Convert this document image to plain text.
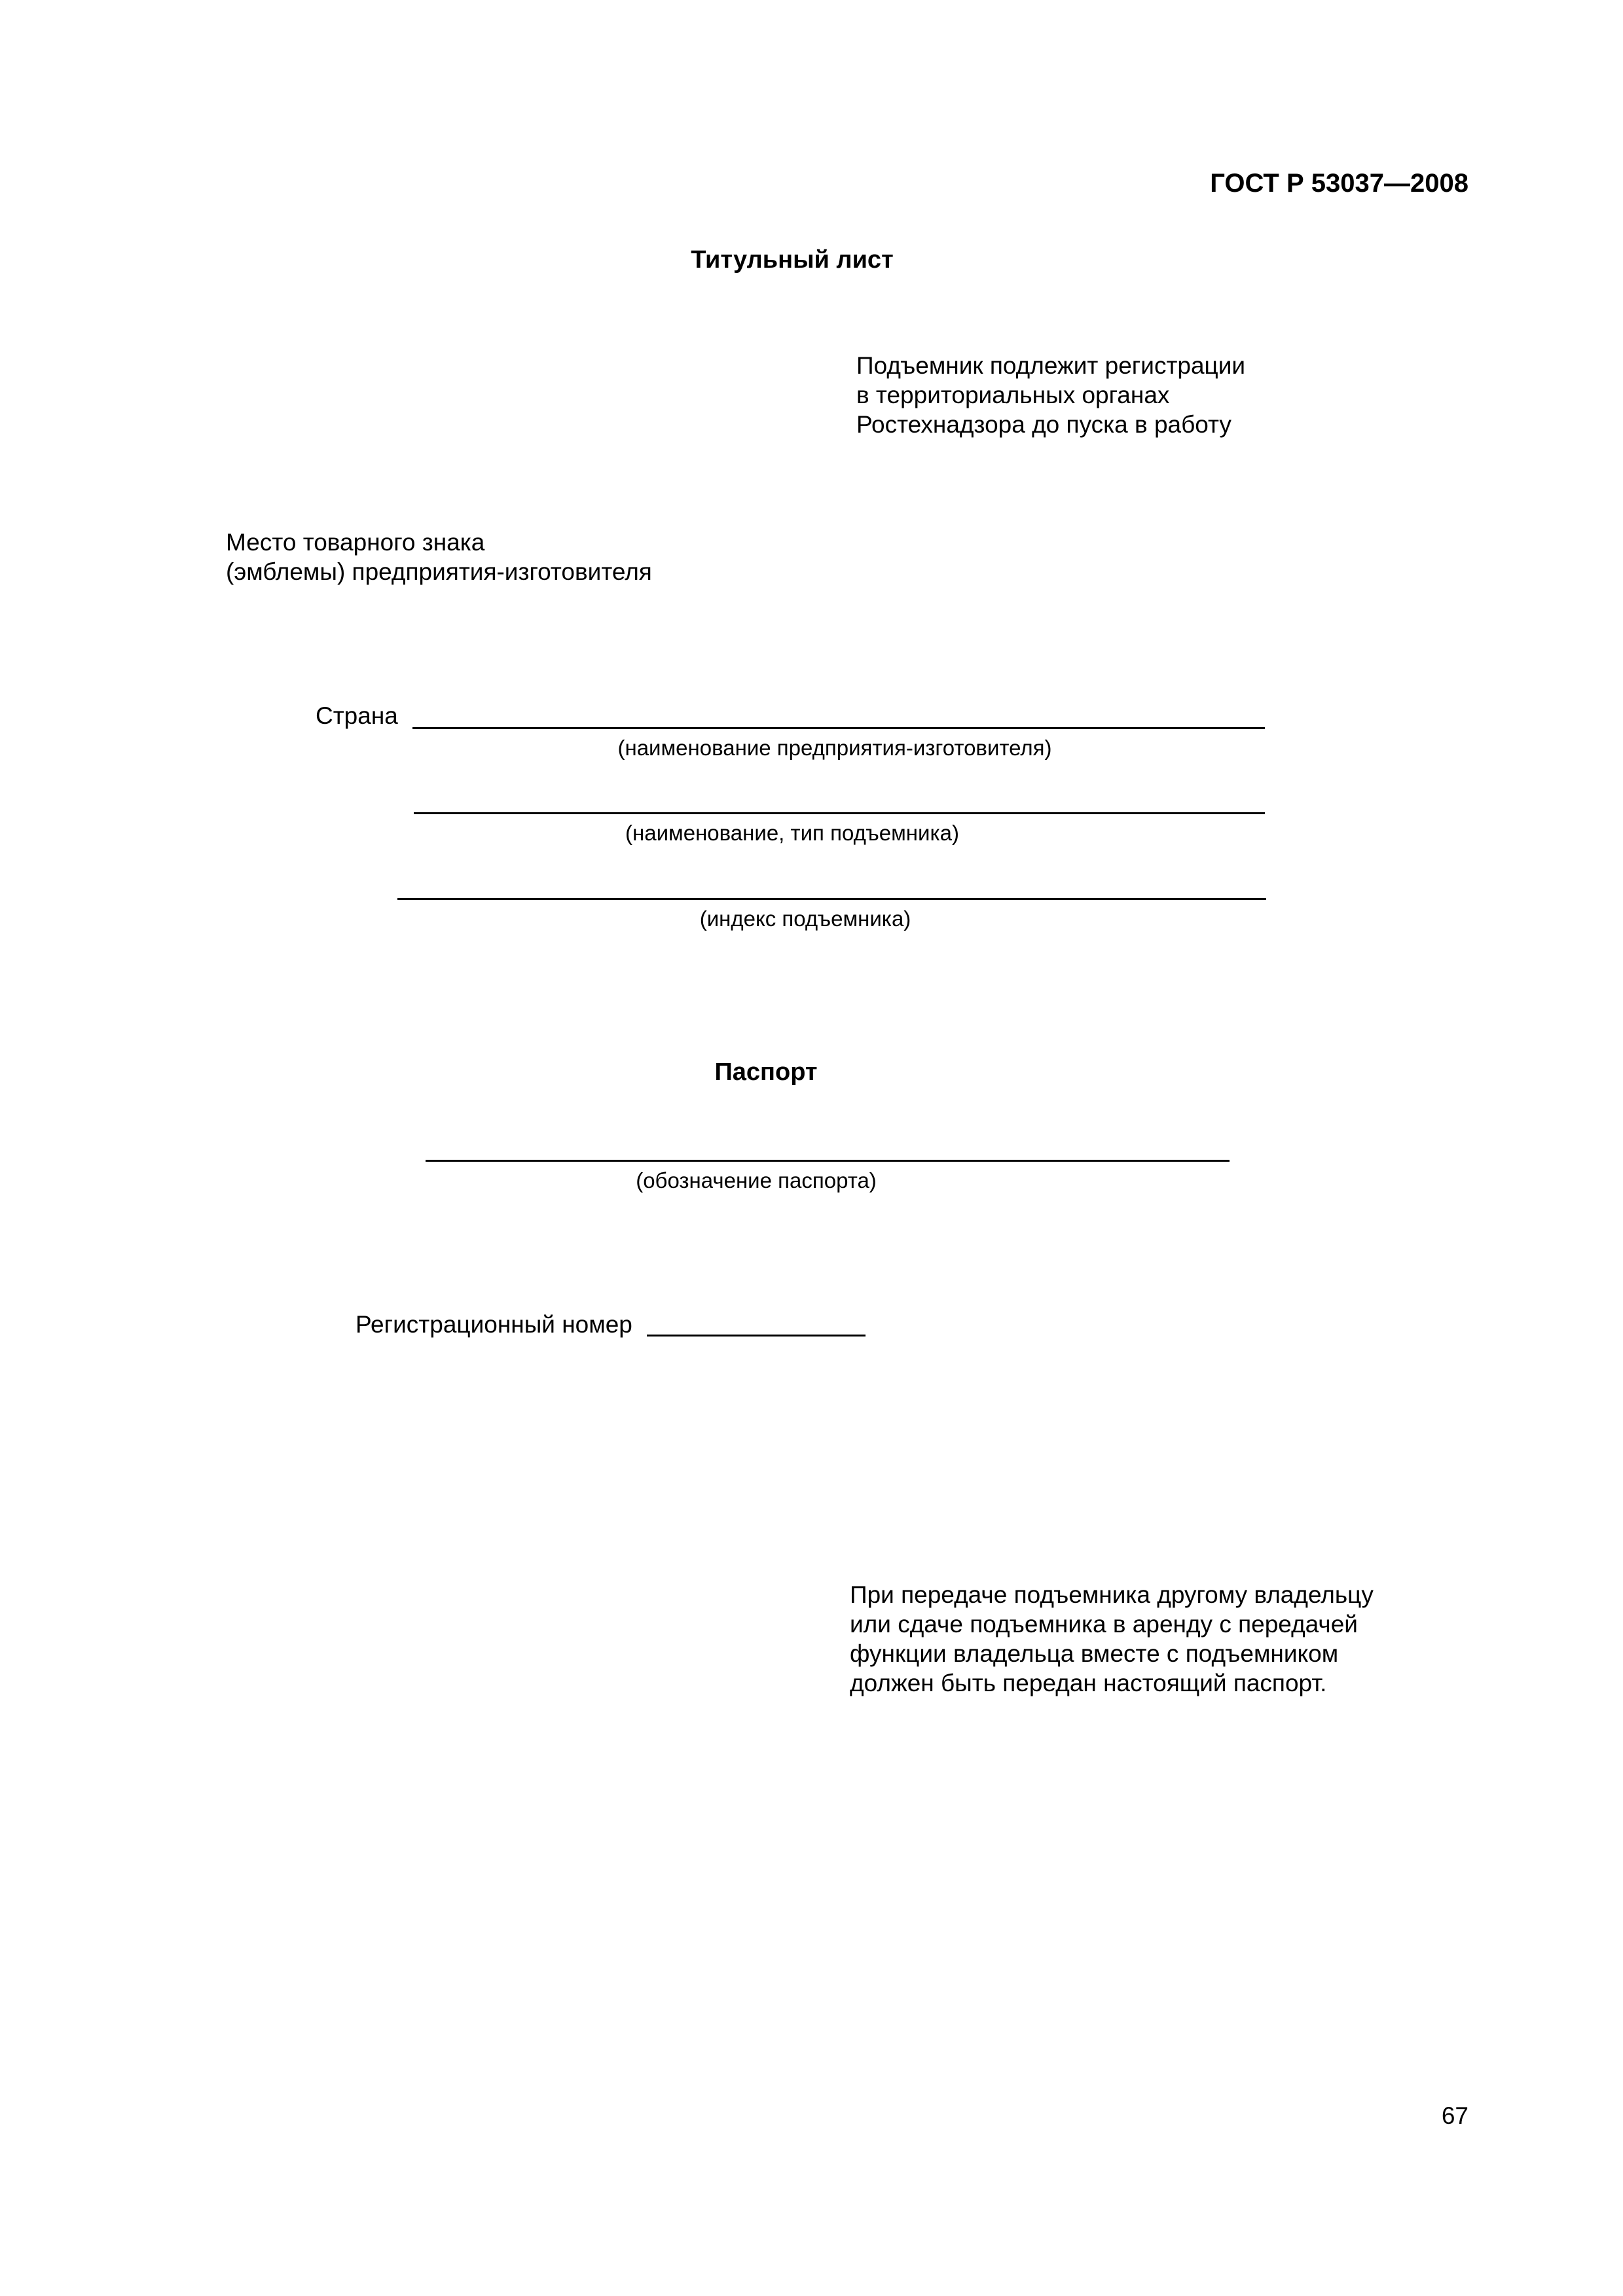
ГОСТ Р 53037—2008
Титульный лист
Подъемник подлежит регистрации
в территориальных органах
Ростехнадзора до пуска в работу
Место товарного знака
(эмблемы) предприятия-изготовителя
Страна
(наименование предприятия-изготовителя)
(наименование, тип подъемника)
(индекс подъемника)
Паспорт
(обозначение паспорта)
Регистрационный номер
При передаче подъемника другому владельцу
или сдаче подъемника в аренду с передачей
функции владельца вместе с подъемником
должен быть передан настоящий паспорт.
67
